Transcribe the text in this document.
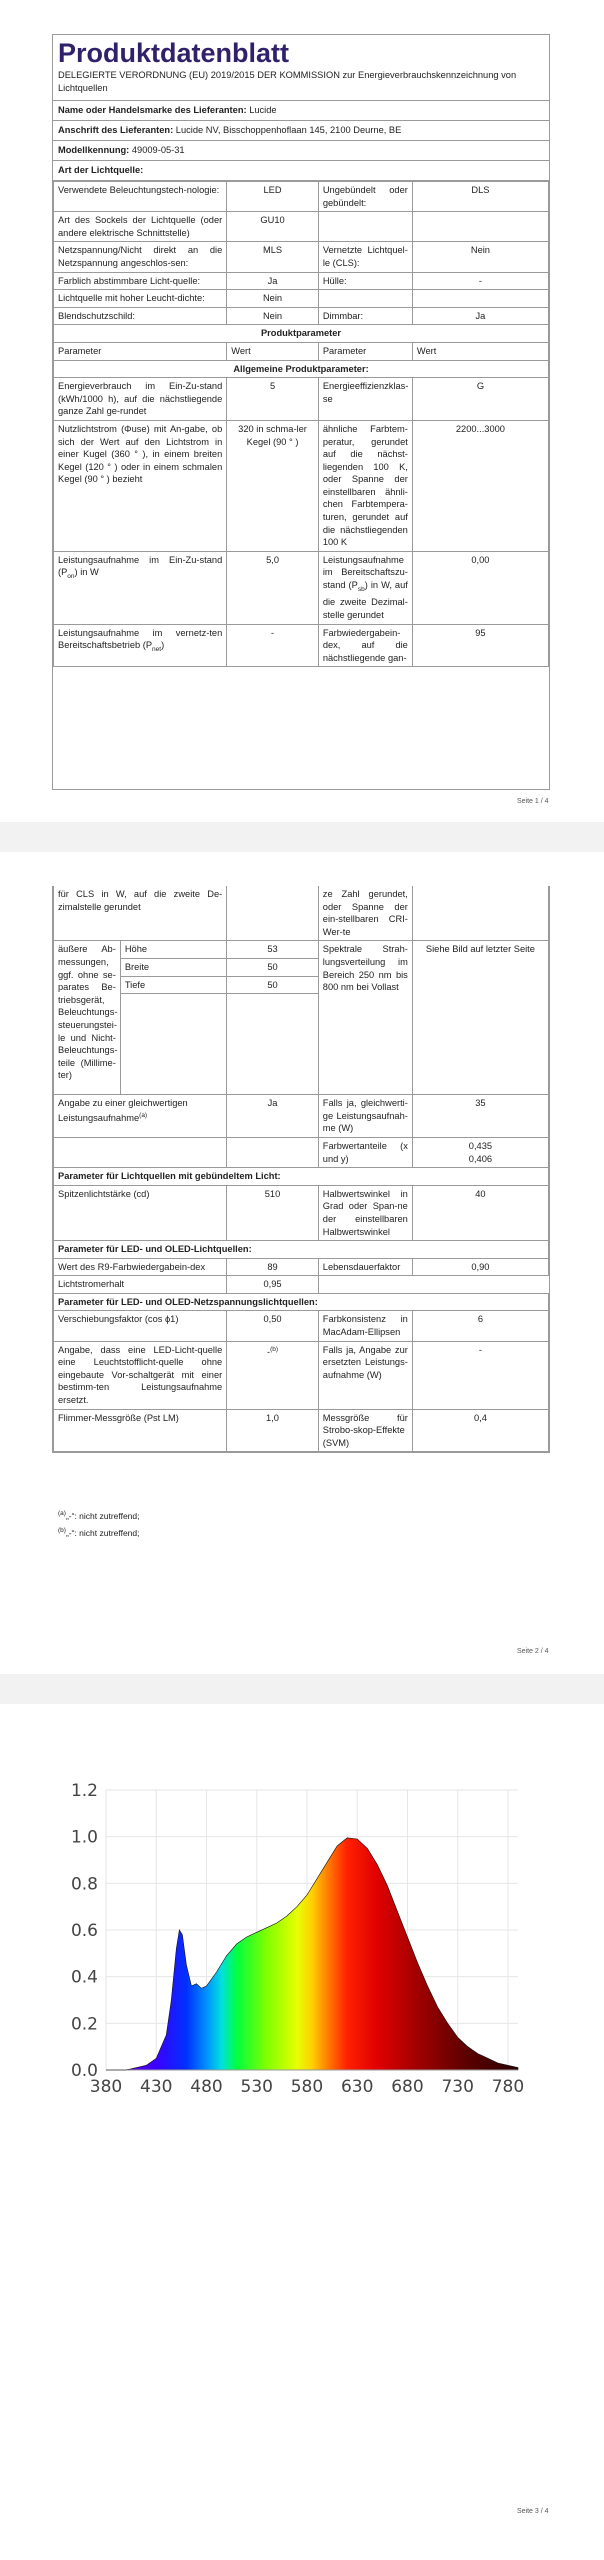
Produktdatenblatt
DELEGIERTE VERORDNUNG (EU) 2019/2015 DER KOMMISSION zur Energieverbrauchskennzeichnung von Lichtquellen
Name oder Handelsmarke des Lieferanten: Lucide
Anschrift des Lieferanten: Lucide NV, Bisschoppenhoflaan 145, 2100 Deurne, BE
Modellkennung: 49009-05-31
Art der Lichtquelle:
Verwendete Beleuchtungstech-nologie:	LED	Ungebündelt oder gebündelt:	DLS
Art des Sockels der Lichtquelle (oder andere elektrische Schnittstelle)	GU10		
Netzspannung/Nicht direkt an die Netzspannung angeschlos-sen:	MLS	Vernetzte Lichtquel-le (CLS):	Nein
Farblich abstimmbare Licht-quelle:	Ja	Hülle:	-
Lichtquelle mit hoher Leucht-dichte:	Nein		
Blendschutzschild:	Nein	Dimmbar:	Ja
Produktparameter			
Parameter	Wert	Parameter	Wert
Allgemeine Produktparameter:			
Energieverbrauch im Ein-Zu-stand (kWh/1000 h), auf die nächstliegende ganze Zahl ge-rundet	5	Energieeffizienzklas-se	G
Nutzlichtstrom (Φuse) mit An-gabe, ob sich der Wert auf den Lichtstrom in einer Kugel (360 ° ), in einem breiten Kegel (120 ° ) oder in einem schmalen Kegel (90 ° ) bezieht	320 in schma-ler Kegel (90 ° )	ähnliche Farbtem-peratur, gerundet auf die nächst-liegenden 100 K, oder Spanne der einstellbaren ähnli-chen Farbtempera-turen, gerundet auf die nächstliegenden 100 K	2200...3000
Leistungsaufnahme im Ein-Zu-stand $(P_{on})$ in W	5,0	Leistungsaufnahme im Bereitschaftszu-stand $(P_{sb})$ in W, auf die zweite Dezimal-stelle gerundet	0,00
Leistungsaufnahme im vernetz-ten Bereitschaftsbetrieb $(P_{net})$	-	Farbwiedergabein-dex, auf die nächstliegende gan-	95
Seite 1 / 4
für CLS in W, auf die zweite De-zimalstelle gerundet			ze Zahl gerundet, oder Spanne der ein-stellbaren CRI-Wer-te	
äußere Ab-messungen, ggf. ohne se-parates Be-triebsgerät, Beleuchtungs-steuerungstei-le und Nicht-Beleuchtungs-teile (Millime-ter)	Höhe	53	Spektrale Strah-lungsverteilung im Bereich 250 nm bis 800 nm bei Vollast	Siehe Bild auf letzter Seite
	Breite	50		
	Tiefe	50		

Angabe zu einer gleichwertigen Leistungsaufnahme$^{(a)}$		Ja	Falls ja, gleichwerti-ge Leistungsaufnah-me (W)	35
			Farbwertanteile (x und y)	0,435
0,406

Parameter für Lichtquellen mit gebündeltem Licht:				
Spitzenlichtstärke (cd)		510	Halbwertswinkel in Grad oder Span-ne der einstellbaren Halbwertswinkel	40
Parameter für LED- und OLED-Lichtquellen:				
Wert des R9-Farbwiedergabein-dex		89	Lebensdauerfaktor	0,90
Lichtstromerhalt		0,95		
Parameter für LED- und OLED-Netzspannungslichtquellen:				
Verschiebungsfaktor (cos ϕ1)		0,50	Farbkonsistenz in MacAdam-Ellipsen	6
Angabe, dass eine LED-Licht-quelle eine Leuchtstofflicht-quelle ohne eingebaute Vor-schaltgerät mit einer bestimm-ten Leistungsaufnahme ersetzt.		-$^{(b)}$	Falls ja, Angabe zur ersetzten Leistungs-aufnahme (W)	-
Flimmer-Messgröße (Pst LM)		1,0	Messgröße für Strobo-skop-Effekte (SVM)	0,4
$^{(a)}$„-“: nicht zutreffend;
$^{(b)}$„-“: nicht zutreffend;
Seite 2 / 4
380 430 480 530 580 630 680 730 780
0.0
0.2
0.4
0.6
0.8
1.0
1.2
Seite 3 / 4
